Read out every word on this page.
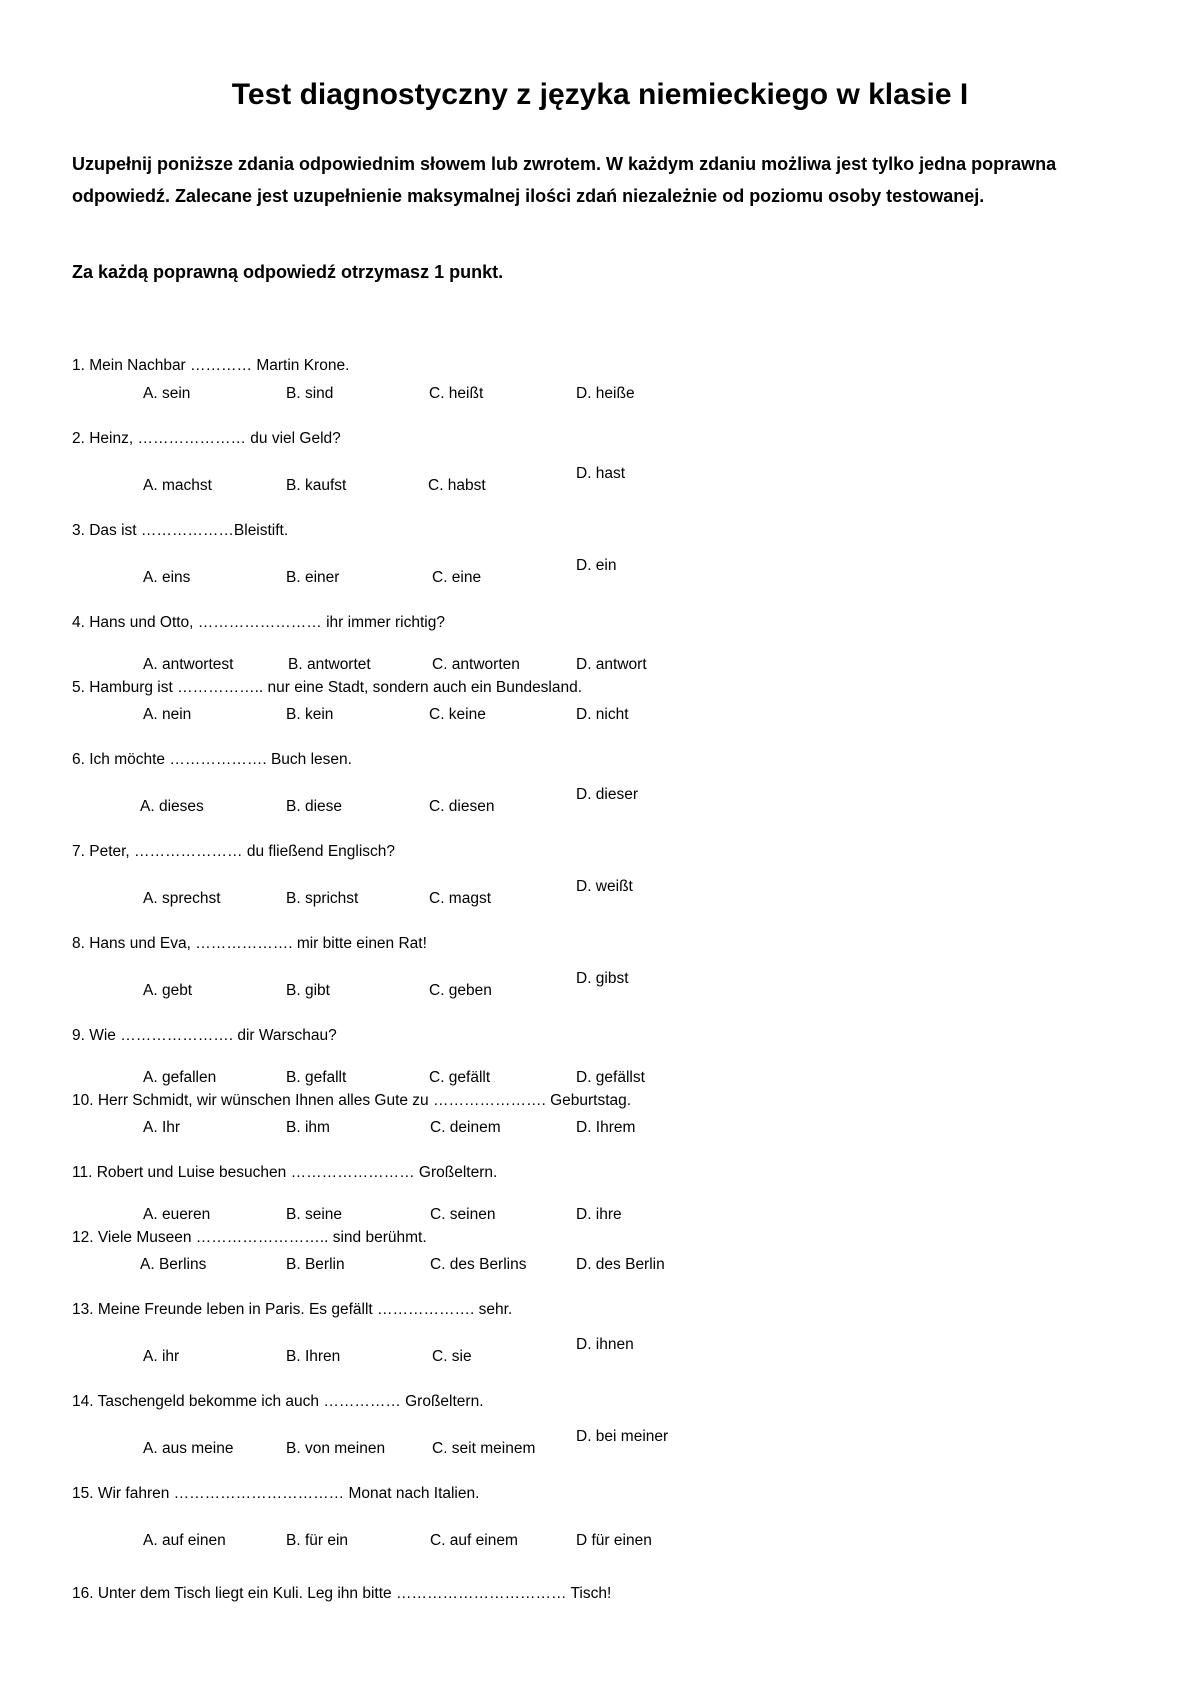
Test diagnostyczny z języka niemieckiego w klasie I

Uzupełnij poniższe zdania odpowiednim słowem lub zwrotem. W każdym zdaniu możliwa jest tylko jedna poprawna odpowiedź. Zalecane jest uzupełnienie maksymalnej ilości zdań niezależnie od poziomu osoby testowanej.

Za każdą poprawną odpowiedź otrzymasz 1 punkt.

1. Mein Nachbar ………… Martin Krone.
A. sein	B. sind	C. heißt	D. heiße
2. Heinz, ………………… du viel Geld?
A. machst	B. kaufst	C. habst
D. hast
3. Das ist ………………Bleistift.
A. eins	B. einer	C. eine
D. ein
4. Hans und Otto, …………………… ihr immer richtig?
A. antwortest	B. antwortet	C. antworten	D. antwort
5. Hamburg ist …………….. nur eine Stadt, sondern auch ein Bundesland.
A. nein	B. kein	C. keine	D. nicht
6. Ich möchte ………………. Buch lesen.
A. dieses	B. diese	C. diesen
D. dieser
7. Peter, ………………… du fließend Englisch?
A. sprechst	B. sprichst	C. magst
D. weißt
8. Hans und Eva, ………………. mir bitte einen Rat!
A. gebt	B. gibt	C. geben
D. gibst
9. Wie …………………. dir Warschau?
A. gefallen	B. gefallt	C. gefällt	D. gefällst
10. Herr Schmidt, wir wünschen Ihnen alles Gute zu …………………. Geburtstag.
A. Ihr	B. ihm	C. deinem	D. Ihrem
11. Robert und Luise besuchen …………………… Großeltern.
A. eueren	B. seine	C. seinen	D. ihre
12. Viele Museen …………………….. sind berühmt.
A. Berlins	B. Berlin	C. des Berlins	D. des Berlin
13. Meine Freunde leben in Paris. Es gefällt ………………. sehr.
A. ihr	B. Ihren	C. sie
D. ihnen
14. Taschengeld bekomme ich auch …………… Großeltern.
A. aus meine	B. von meinen	C. seit meinem
D. bei meiner
15. Wir fahren …………………………… Monat nach Italien.
A. auf einen	B. für ein	C. auf einem	D für einen
16. Unter dem Tisch liegt ein Kuli. Leg ihn bitte …………………………… Tisch!
